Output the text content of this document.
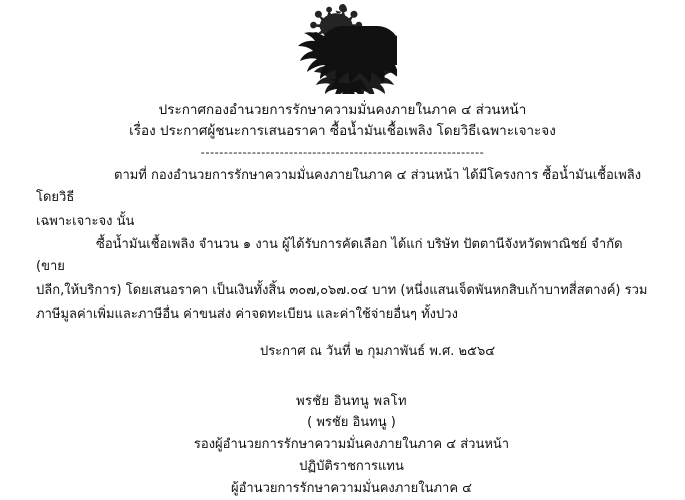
ประกาศกองอำนวยการรักษาความมั่นคงภายในภาค ๔ ส่วนหน้า
เรื่อง ประกาศผู้ชนะการเสนอราคา ซื้อน้ำมันเชื้อเพลิง โดยวิธีเฉพาะเจาะจง
-------------------------------------------------------------
ตามที่ กองอำนวยการรักษาความมั่นคงภายในภาค ๔ ส่วนหน้า ได้มีโครงการ ซื้อน้ำมันเชื้อเพลิง โดยวิธี
เฉพาะเจาะจง นั้น
ซื้อน้ำมันเชื้อเพลิง จำนวน ๑ งาน ผู้ได้รับการคัดเลือก ได้แก่ บริษัท ปัตตานีจังหวัดพาณิชย์ จำกัด (ขาย
ปลีก,ให้บริการ) โดยเสนอราคา เป็นเงินทั้งสิ้น ๓๐๗,๐๖๗.๐๔ บาท (หนึ่งแสนเจ็ดพันหกสิบเก้าบาทสี่สตางค์) รวม
ภาษีมูลค่าเพิ่มและภาษีอื่น ค่าขนส่ง ค่าจดทะเบียน และค่าใช้จ่ายอื่นๆ ทั้งปวง
ประกาศ ณ วันที่ ๒ กุมภาพันธ์ พ.ศ. ๒๕๖๔
พรชัย อินทนู พลโท
( พรชัย อินทนู )
รองผู้อำนวยการรักษาความมั่นคงภายในภาค ๔ ส่วนหน้า
ปฏิบัติราชการแทน
ผู้อำนวยการรักษาความมั่นคงภายในภาค ๔
